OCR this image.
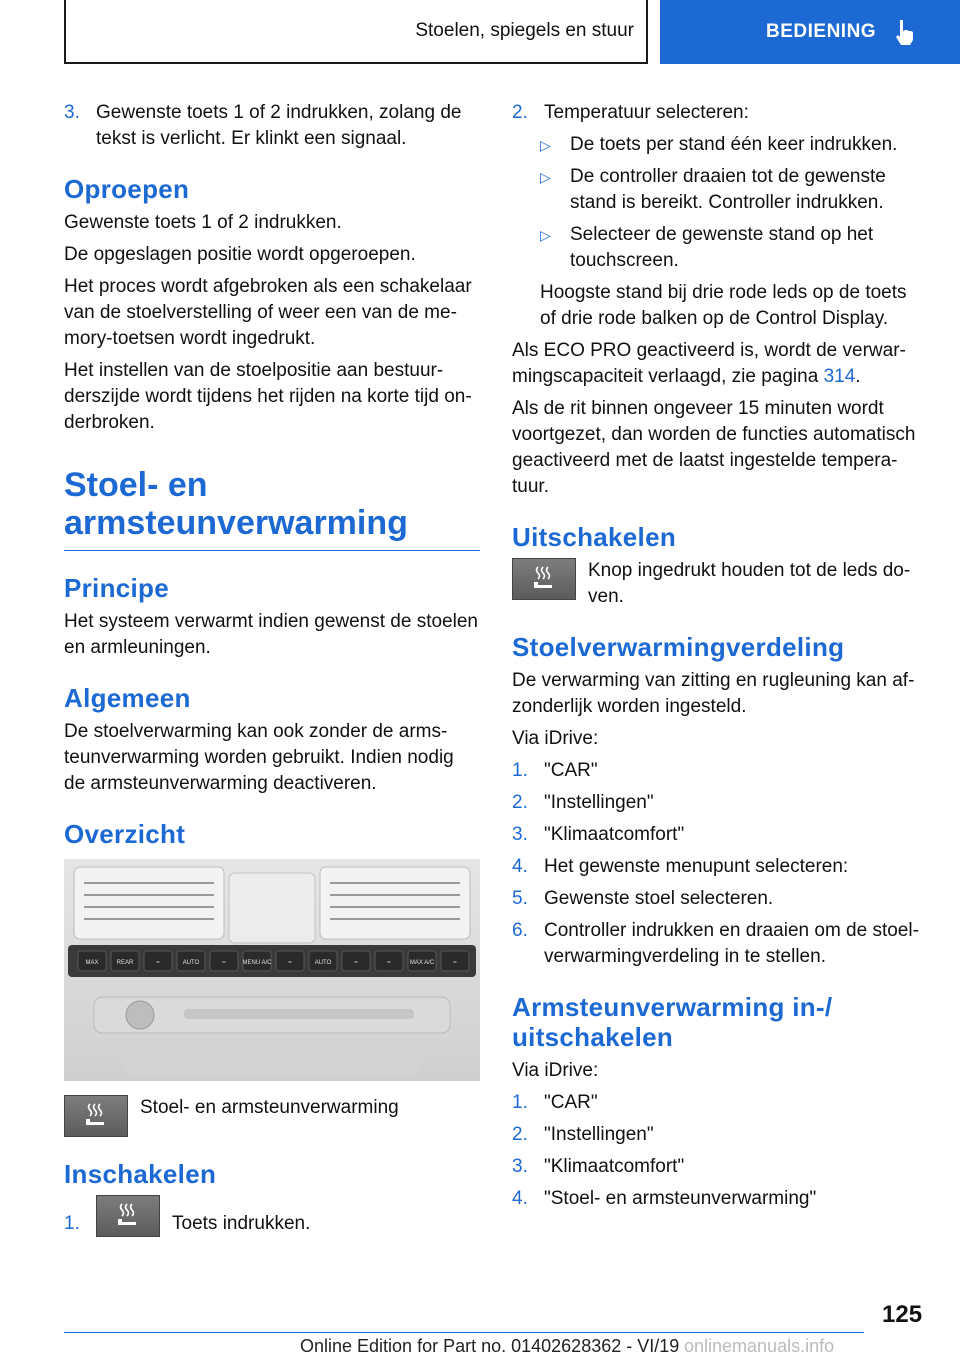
Stoelen, spiegels en stuur	BEDIENING
3. Gewenste toets 1 of 2 indrukken, zolang de tekst is verlicht. Er klinkt een signaal.
Oproepen

Gewenste toets 1 of 2 indrukken.

De opgeslagen positie wordt opgeroepen.

Het proces wordt afgebroken als een schakelaar van de stoelverstelling of weer een van de memory-toetsen wordt ingedrukt.

Het instellen van de stoelpositie aan bestuurderszijde wordt tijdens het rijden na korte tijd onderbroken.

Stoel- en armsteunverwarming
Principe

Het systeem verwarmt indien gewenst de stoelen en armleuningen.

Algemeen

De stoelverwarming kan ook zonder de armsteunverwarming worden gebruikt. Indien nodig de armsteunverwarming deactiveren.

Overzicht
MAX	REAR	≈	AUTO	≈	MENU A/C	≈	AUTO	≈	≈	MAX A/C	≈
Stoel- en armsteunverwarming
Inschakelen
1.	Toets indrukken.
2. Temperatuur selecteren:
▷	De toets per stand één keer indrukken.
▷	De controller draaien tot de gewenste stand is bereikt. Controller indrukken.
▷	Selecteer de gewenste stand op het touchscreen.

Hoogste stand bij drie rode leds op de toets of drie rode balken op de Control Display.

Als ECO PRO geactiveerd is, wordt de verwarmingscapaciteit verlaagd, zie pagina 314.

Als de rit binnen ongeveer 15 minuten wordt voortgezet, dan worden de functies automatisch geactiveerd met de laatst ingestelde temperatuur.

Uitschakelen
Knop ingedrukt houden tot de leds doven.
Stoelverwarmingverdeling

De verwarming van zitting en rugleuning kan afzonderlijk worden ingesteld.

Via iDrive:

1. "CAR"
2. "Instellingen"
3. "Klimaatcomfort"
4. Het gewenste menupunt selecteren:
5. Gewenste stoel selecteren.
6. Controller indrukken en draaien om de stoelverwarmingverdeling in te stellen.
Armsteunverwarming in-/ uitschakelen

Via iDrive:

1. "CAR"
2. "Instellingen"
3. "Klimaatcomfort"
4. "Stoel- en armsteunverwarming"
125
Online Edition for Part no. 01402628362 - VI/19 onlinemanuals.info
